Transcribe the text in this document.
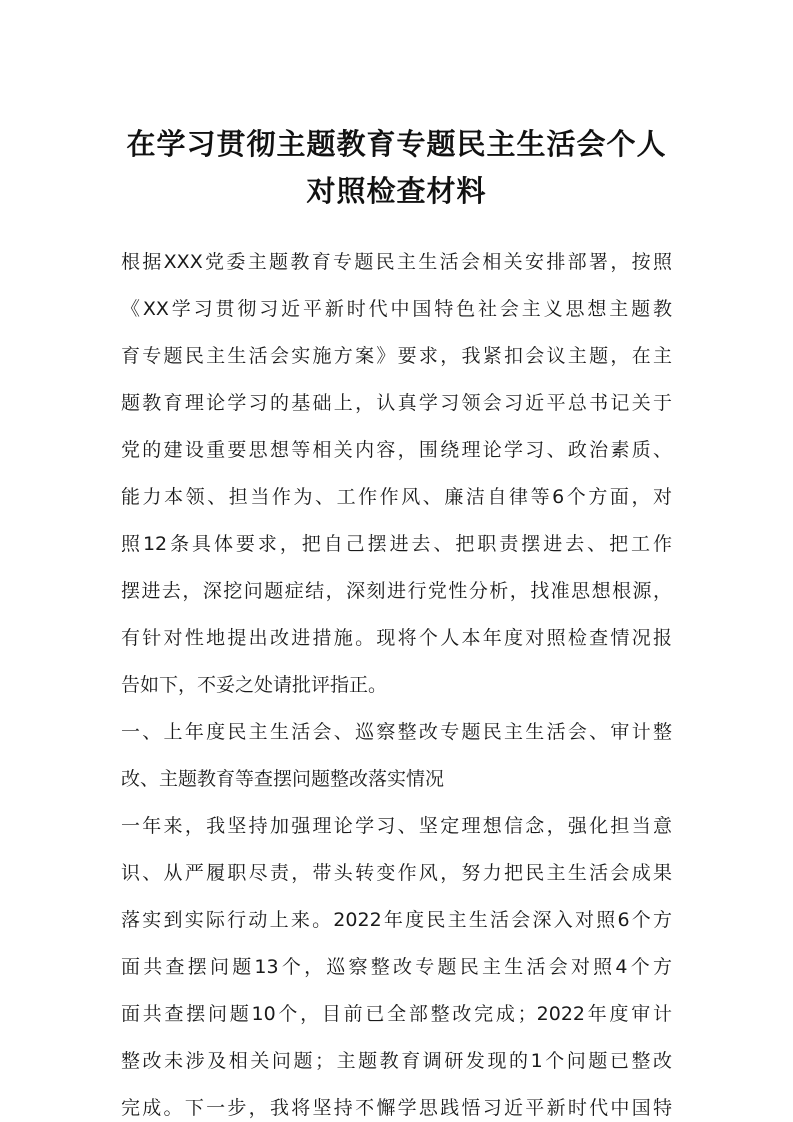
在学习贯彻主题教育专题民主生活会个人
对照检查材料
根据XXX党委主题教育专题民主生活会相关安排部署，按照
《XX学习贯彻习近平新时代中国特色社会主义思想主题教
育专题民主生活会实施方案》要求，我紧扣会议主题，在主
题教育理论学习的基础上，认真学习领会习近平总书记关于
党的建设重要思想等相关内容，围绕理论学习、政治素质、
能力本领、担当作为、工作作风、廉洁自律等6个方面，对
照12条具体要求，把自己摆进去、把职责摆进去、把工作
摆进去，深挖问题症结，深刻进行党性分析，找准思想根源，
有针对性地提出改进措施。现将个人本年度对照检查情况报
告如下，不妥之处请批评指正。
一、上年度民主生活会、巡察整改专题民主生活会、审计整
改、主题教育等查摆问题整改落实情况
一年来，我坚持加强理论学习、坚定理想信念，强化担当意
识、从严履职尽责，带头转变作风，努力把民主生活会成果
落实到实际行动上来。2022年度民主生活会深入对照6个方
面共查摆问题13个，巡察整改专题民主生活会对照4个方
面共查摆问题10个，目前已全部整改完成；2022年度审计
整改未涉及相关问题；主题教育调研发现的1个问题已整改
完成。下一步，我将坚持不懈学思践悟习近平新时代中国特
